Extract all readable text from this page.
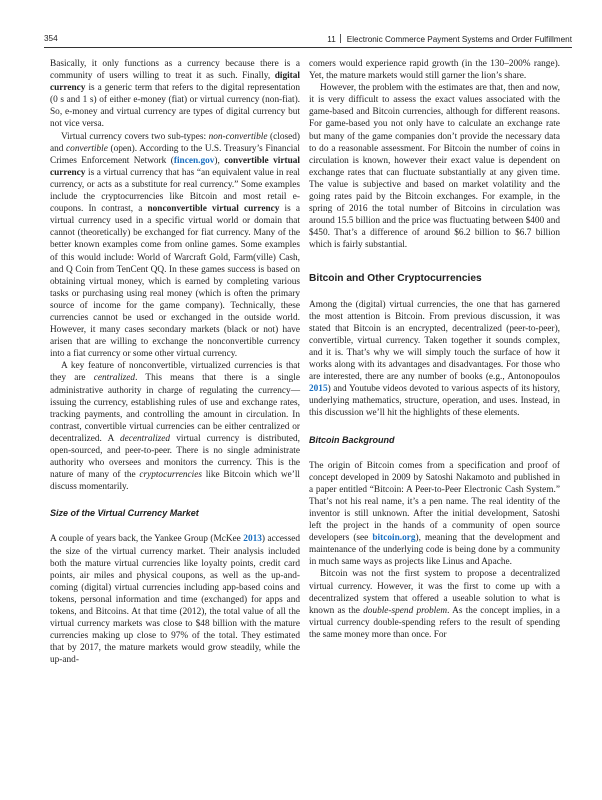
354	11 Electronic Commerce Payment Systems and Order Fulfillment

Basically, it only functions as a currency because there is a community of users willing to treat it as such. Finally, digital currency is a generic term that refers to the digital representation (0 s and 1 s) of either e-money (fiat) or virtual currency (non-fiat). So, e-money and virtual currency are types of digital currency but not vice versa.

Virtual currency covers two sub-types: non-convertible (closed) and convertible (open). According to the U.S. Treasury’s Financial Crimes Enforcement Network (fincen.gov), convertible virtual currency is a virtual currency that has “an equivalent value in real currency, or acts as a substitute for real currency.” Some examples include the cryptocurrencies like Bitcoin and most retail e-coupons. In contrast, a nonconvertible virtual currency is a virtual currency used in a specific virtual world or domain that cannot (theoretically) be exchanged for fiat currency. Many of the better known examples come from online games. Some examples of this would include: World of Warcraft Gold, Farm(ville) Cash, and Q Coin from TenCent QQ. In these games success is based on obtaining virtual money, which is earned by completing various tasks or purchasing using real money (which is often the primary source of income for the game company). Technically, these currencies cannot be used or exchanged in the outside world. However, it many cases secondary markets (black or not) have arisen that are willing to exchange the nonconvertible currency into a fiat currency or some other virtual currency.

A key feature of nonconvertible, virtualized currencies is that they are centralized. This means that there is a single administrative authority in charge of regulating the currency—issuing the currency, establishing rules of use and exchange rates, tracking payments, and controlling the amount in circulation. In contrast, convertible virtual currencies can be either centralized or decentralized. A decentralized virtual currency is distributed, open-sourced, and peer-to-peer. There is no single administrate authority who oversees and monitors the currency. This is the nature of many of the cryptocurrencies like Bitcoin which we’ll discuss momentarily.

Size of the Virtual Currency Market

A couple of years back, the Yankee Group (McKee 2013) accessed the size of the virtual currency market. Their analysis included both the mature virtual currencies like loyalty points, credit card points, air miles and physical coupons, as well as the up-and-coming (digital) virtual currencies including app-based coins and tokens, personal information and time (exchanged) for apps and tokens, and Bitcoins. At that time (2012), the total value of all the virtual currency markets was close to $48 billion with the mature currencies making up close to 97% of the total. They estimated that by 2017, the mature markets would grow steadily, while the up-and-

comers would experience rapid growth (in the 130–200% range). Yet, the mature markets would still garner the lion’s share.

However, the problem with the estimates are that, then and now, it is very difficult to assess the exact values associated with the game-based and Bitcoin currencies, although for different reasons. For game-based you not only have to calculate an exchange rate but many of the game companies don’t provide the necessary data to do a reasonable assessment. For Bitcoin the number of coins in circulation is known, however their exact value is dependent on exchange rates that can fluctuate substantially at any given time. The value is subjective and based on market volatility and the going rates paid by the Bitcoin exchanges. For example, in the spring of 2016 the total number of Bitcoins in circulation was around 15.5 billion and the price was fluctuating between $400 and $450. That’s a difference of around $6.2 billion to $6.7 billion which is fairly substantial.

Bitcoin and Other Cryptocurrencies

Among the (digital) virtual currencies, the one that has garnered the most attention is Bitcoin. From previous discussion, it was stated that Bitcoin is an encrypted, decentralized (peer-to-peer), convertible, virtual currency. Taken together it sounds complex, and it is. That’s why we will simply touch the surface of how it works along with its advantages and disadvantages. For those who are interested, there are any number of books (e.g., Antonopoulos 2015) and Youtube videos devoted to various aspects of its history, underlying mathematics, structure, operation, and uses. Instead, in this discussion we’ll hit the highlights of these elements.

Bitcoin Background

The origin of Bitcoin comes from a specification and proof of concept developed in 2009 by Satoshi Nakamoto and published in a paper entitled “Bitcoin: A Peer-to-Peer Electronic Cash System.” That’s not his real name, it’s a pen name. The real identity of the inventor is still unknown. After the initial development, Satoshi left the project in the hands of a community of open source developers (see bitcoin.org), meaning that the development and maintenance of the underlying code is being done by a community in much same ways as projects like Linus and Apache.

Bitcoin was not the first system to propose a decentralized virtual currency. However, it was the first to come up with a decentralized system that offered a useable solution to what is known as the double-spend problem. As the concept implies, in a virtual currency double-spending refers to the result of spending the same money more than once. For
